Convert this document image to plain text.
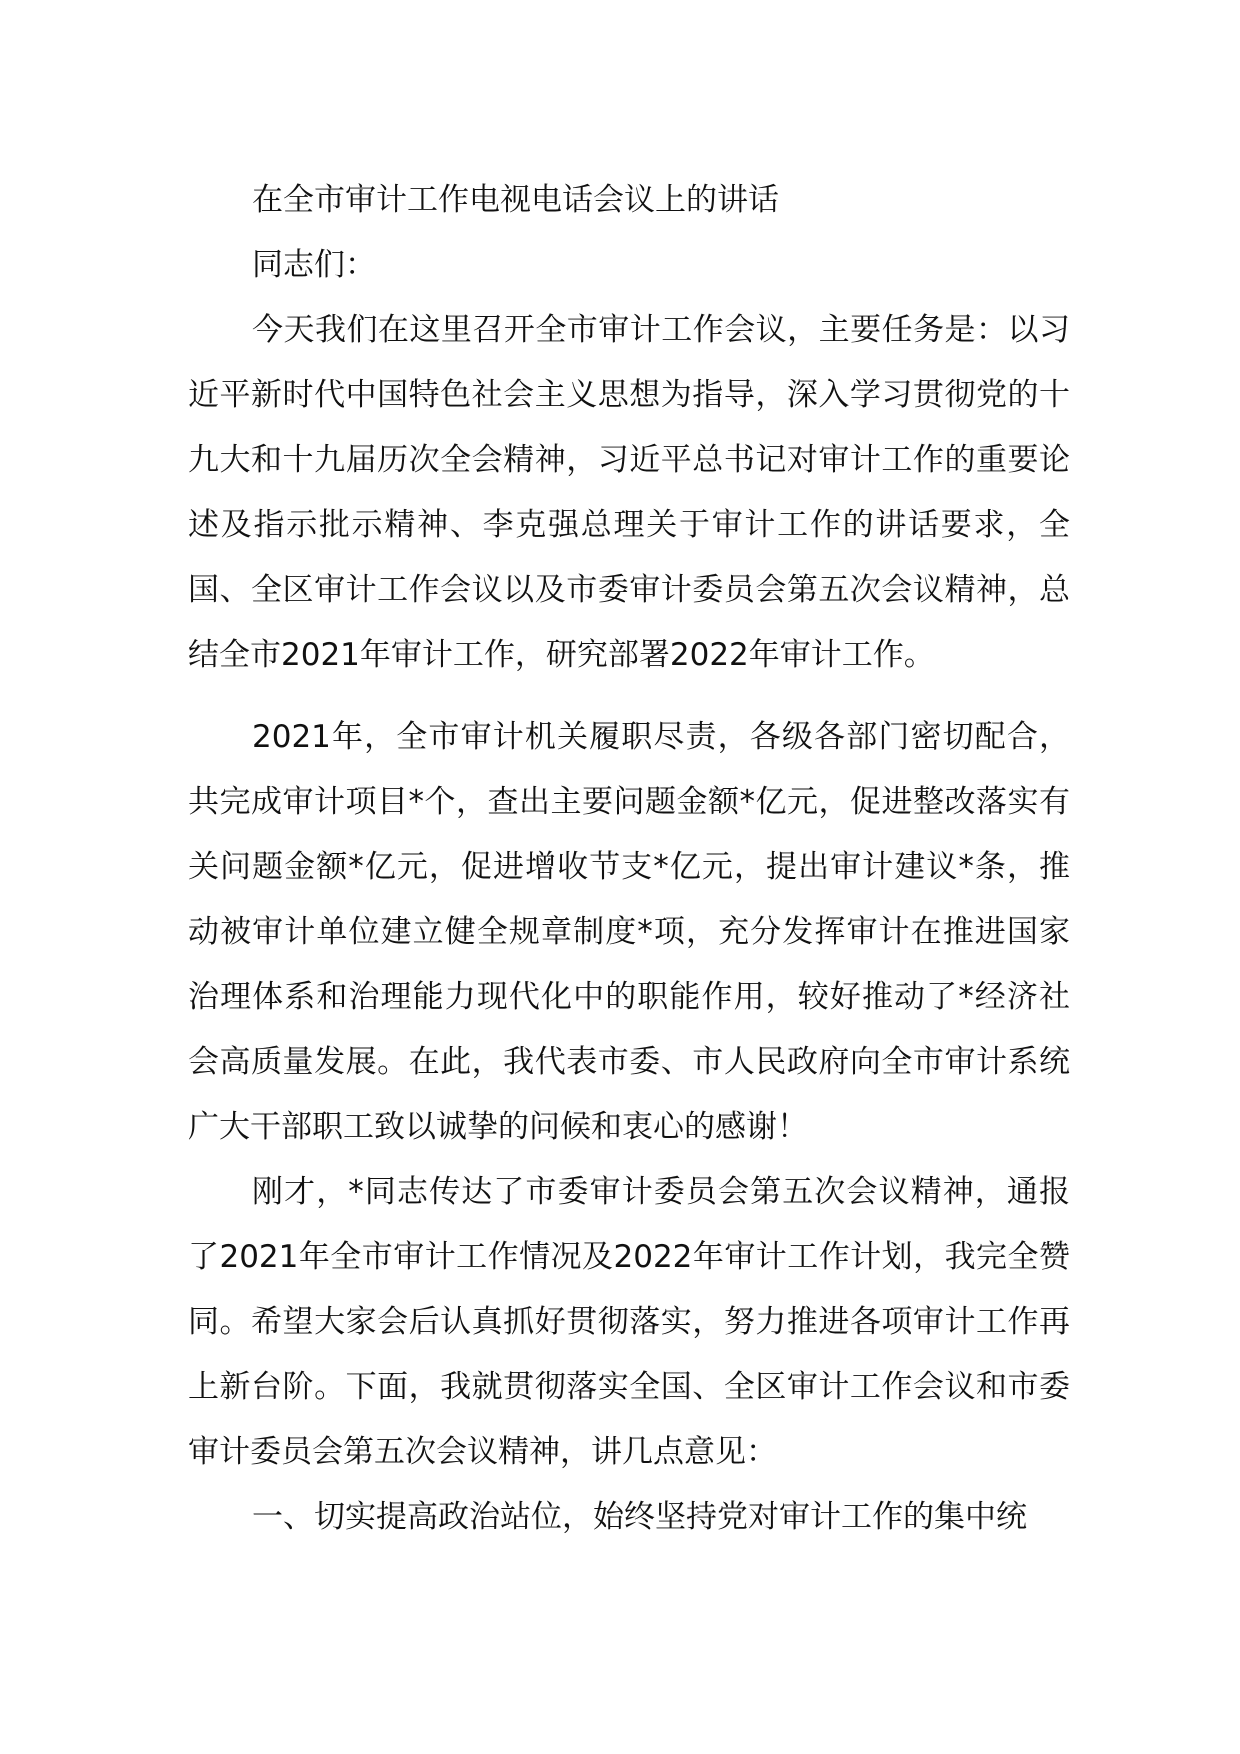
在全市审计工作电视电话会议上的讲话

同志们：

今天我们在这里召开全市审计工作会议，主要任务是：以习近平新时代中国特色社会主义思想为指导，深入学习贯彻党的十九大和十九届历次全会精神，习近平总书记对审计工作的重要论述及指示批示精神、李克强总理关于审计工作的讲话要求，全国、全区审计工作会议以及市委审计委员会第五次会议精神，总结全市2021年审计工作，研究部署2022年审计工作。

2021年，全市审计机关履职尽责，各级各部门密切配合，共完成审计项目*个，查出主要问题金额*亿元，促进整改落实有关问题金额*亿元，促进增收节支*亿元，提出审计建议*条，推动被审计单位建立健全规章制度*项，充分发挥审计在推进国家治理体系和治理能力现代化中的职能作用，较好推动了*经济社会高质量发展。在此，我代表市委、市人民政府向全市审计系统广大干部职工致以诚挚的问候和衷心的感谢！

刚才，*同志传达了市委审计委员会第五次会议精神，通报了2021年全市审计工作情况及2022年审计工作计划，我完全赞同。希望大家会后认真抓好贯彻落实，努力推进各项审计工作再上新台阶。下面，我就贯彻落实全国、全区审计工作会议和市委审计委员会第五次会议精神，讲几点意见：

一、切实提高政治站位，始终坚持党对审计工作的集中统
